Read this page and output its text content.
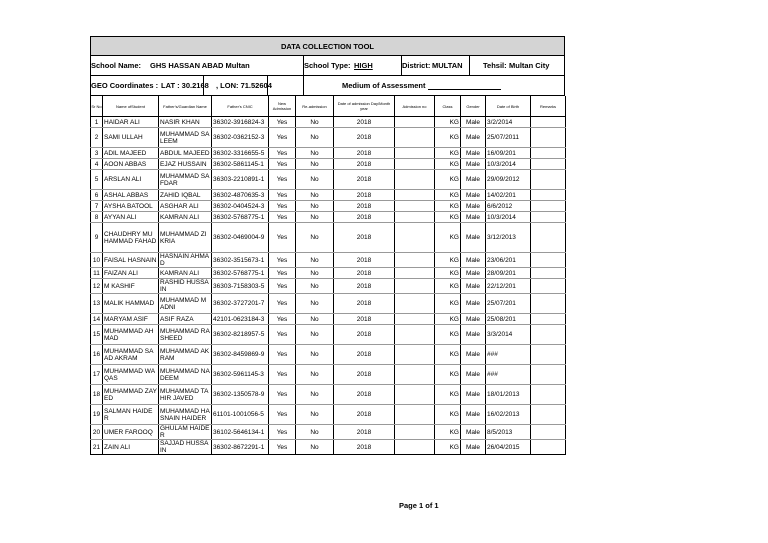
DATA COLLECTION TOOL
School Name: GHS HASSAN ABAD Multan	School Type: HIGH	District: MULTAN	Tehsil: Multan City
GEO Coordinates : LAT : 30.2168 , LON: 71.52604	Medium of Assessment
Sr No	Name ofStudent	Father's/Guardian Name	Father's CNIC	New Admission	Re-admission	Date of admission Day/Month year	Admission no	Class	Gender	Date of Birth	Remarks
1	HAIDAR ALI	NASIR KHAN	36302-3916824-3	Yes	No	2018		KG	Male	3/2/2014	
2	SAMI ULLAH	MUHAMMAD SALEEM	36302-0362152-3	Yes	No	2018		KG	Male	25/07/2011	
3	ADIL MAJEED	ABDUL MAJEED	36302-3316655-5	Yes	No	2018		KG	Male	16/09/201	
4	AOON ABBAS	EJAZ HUSSAIN	36302-5861145-1	Yes	No	2018		KG	Male	10/3/2014	
5	ARSLAN ALI	MUHAMMAD SAFDAR	36303-2210891-1	Yes	No	2018		KG	Male	29/09/2012	
6	ASHAL ABBAS	ZAHID IQBAL	36302-4870635-3	Yes	No	2018		KG	Male	14/02/201	
7	AYSHA BATOOL	ASGHAR ALI	36302-0404524-3	Yes	No	2018		KG	Male	6/6/2012	
8	AYYAN ALI	KAMRAN ALI	36302-5768775-1	Yes	No	2018		KG	Male	10/3/2014	
9	CHAUDHRY MUHAMMAD FAHAD	MUHAMMAD ZIKRIA	36302-0469004-9	Yes	No	2018		KG	Male	3/12/2013	
10	FAISAL HASNAIN	HASNAIN AHMAD	36302-3515673-1	Yes	No	2018		KG	Male	23/06/201	
11	FAIZAN ALI	KAMRAN ALI	36302-5768775-1	Yes	No	2018		KG	Male	28/09/201	
12	M KASHIF	RASHID HUSSAIN	36303-7158303-5	Yes	No	2018		KG	Male	22/12/201	
13	MALIK HAMMAD	MUHAMMAD MADNI	36302-3727201-7	Yes	No	2018		KG	Male	25/07/201	
14	MARYAM ASIF	ASIF RAZA	42101-0623184-3	Yes	No	2018		KG	Male	25/08/201	
15	MUHAMMAD AHMAD	MUHAMMAD RASHEED	36302-8218957-5	Yes	No	2018		KG	Male	3/3/2014	
16	MUHAMMAD SAAD AKRAM	MUHAMMAD AKRAM	36302-8459869-9	Yes	No	2018		KG	Male	###	
17	MUHAMMAD WAQAS	MUHAMMAD NADEEM	36302-5961145-3	Yes	No	2018		KG	Male	###	
18	MUHAMMAD ZAYED	MUHAMMAD TAHIR JAVED	36302-1350578-9	Yes	No	2018		KG	Male	18/01/2013	
19	SALMAN HAIDER	MUHAMMAD HASNAIN HAIDER	61101-1001056-5	Yes	No	2018		KG	Male	16/02/2013	
20	UMER FAROOQ	GHULAM HAIDER	36102-5646134-1	Yes	No	2018		KG	Male	8/5/2013	
21	ZAIN ALI	SAJJAD HUSSAIN	36302-8672291-1	Yes	No	2018		KG	Male	26/04/2015	
Page 1 of 1
